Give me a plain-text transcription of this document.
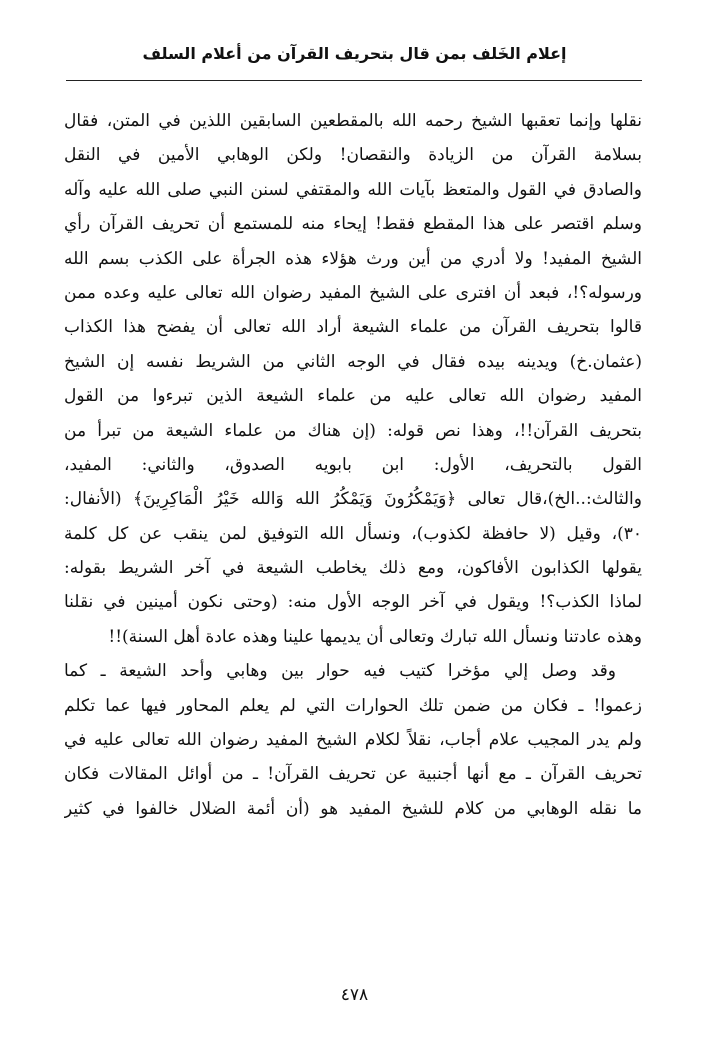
إعلام الخَلف بمن قال بتحريف القرآن من أعلام السلف
نقلها وإنما تعقبها الشيخ رحمه الله بالمقطعين السابقين اللذين في المتن، فقال
بسلامة القرآن من الزيادة والنقصان! ولكن الوهابي الأمين في النقل
والصادق في القول والمتعظ بآيات الله والمقتفي لسنن النبي صلى الله عليه وآله
وسلم اقتصر على هذا المقطع فقط! إيحاء منه للمستمع أن تحريف القرآن رأي
الشيخ المفيد! ولا أدري من أين ورث هؤلاء هذه الجرأة على الكذب بسم الله
ورسوله؟!، فبعد أن افترى على الشيخ المفيد رضوان الله تعالى عليه وعده ممن
قالوا بتحريف القرآن من علماء الشيعة أراد الله تعالى أن يفضح هذا الكذاب
(عثمان.خ) ويدينه بيده فقال في الوجه الثاني من الشريط نفسه إن الشيخ
المفيد رضوان الله تعالى عليه من علماء الشيعة الذين تبرءوا من القول
بتحريف القرآن!!، وهذا نص قوله: (إن هناك من علماء الشيعة من تبرأ من
القول بالتحريف، الأول: ابن بابويه الصدوق، والثاني: المفيد،
والثالث:..الخ)،قال تعالى ﴿وَيَمْكُرُونَ وَيَمْكُرُ الله وَالله خَيْرُ الْمَاكِرِينَ﴾ (الأنفال:
٣٠)، وقيل (لا حافظة لكذوب)، ونسأل الله التوفيق لمن ينقب عن كل كلمة
يقولها الكذابون الأفاكون، ومع ذلك يخاطب الشيعة في آخر الشريط بقوله:
لماذا الكذب؟! ويقول في آخر الوجه الأول منه: (وحتى نكون أمينين في نقلنا
وهذه عادتنا ونسأل الله تبارك وتعالى أن يديمها علينا وهذه عادة أهل السنة)!!
وقد وصل إلي مؤخرا كتيب فيه حوار بين وهابي وأحد الشيعة ـ كما
زعموا! ـ فكان من ضمن تلك الحوارات التي لم يعلم المحاور فيها عما تكلم
ولم يدر المجيب علام أجاب، نقلاً لكلام الشيخ المفيد رضوان الله تعالى عليه في
تحريف القرآن ـ مع أنها أجنبية عن تحريف القرآن! ـ من أوائل المقالات فكان
ما نقله الوهابي من كلام للشيخ المفيد هو (أن أئمة الضلال خالفوا في كثير
٤٧٨
